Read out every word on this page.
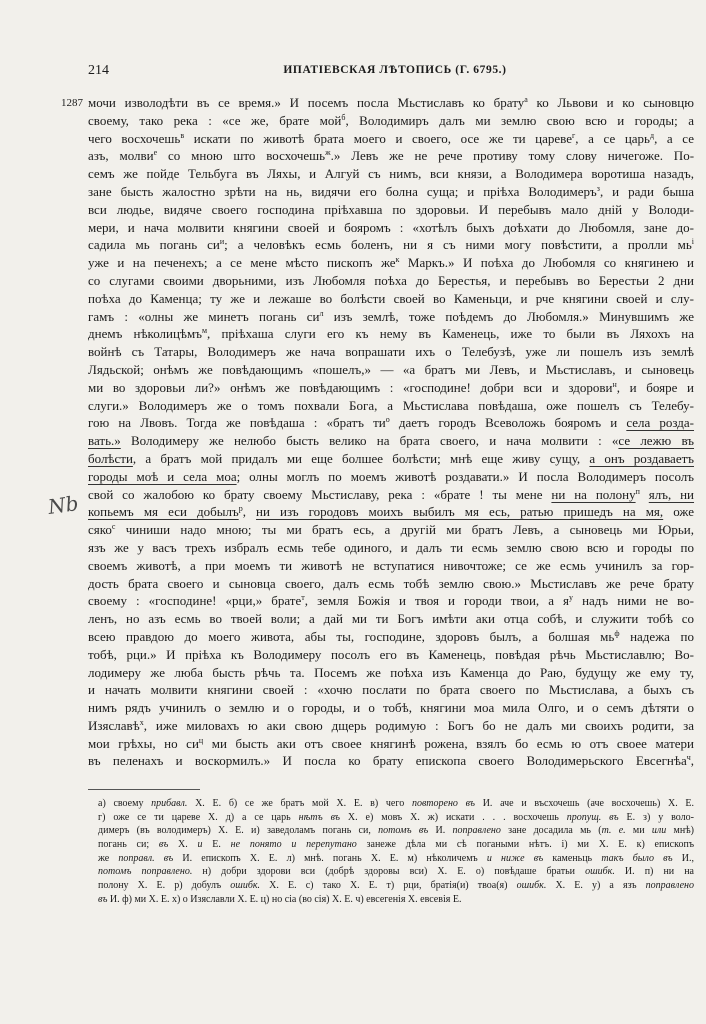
214	ИПАТІЕВСКАЯ ЛѢТОПИСЬ (Г. 6795.)
1287
Nb
мочи изволодѣти въ се время.» И посемъ посла Мьстиславъ ко брату$^а$ ко Львови и ко сыновцю
своему, тако река : «се же, брате мой$^б$, Володимиръ далъ ми землю свою всю и городы; а
чего восхочешь$^в$ искати по животѣ брата моего и своего, осе же ти цареве$^г$, а се царь$^д$, а се
азъ, молви$^е$ со мною што восхочешь$^ж$.» Левъ же не рече противу тому слову ничегоже. По-
семъ же пойде Тельбуга въ Ляхы, и Алгуй съ нимъ, вси князи, а Володимера воротиша назадъ,
зане бысть жалостно зрѣти на нь, видячи его болна суща; и пріѣха Володимеръ$^з$, и ради быша
вси людье, видяче своего господина пріѣхавша по здоровьи. И перебывъ мало дній у Володи-
мери, и нача молвити княгини своей и бояромъ : «хотѣлъ быхъ доѣхати до Любомля, зане до-
садила мь погань $си^и$; а человѣкъ есмь боленъ, ни я съ ними могу повѣстити, а пролли $мь^і$
уже и на печенехъ; а се мене мѣсто пископъ $же^к$ Маркъ.» И поѣха до Любомля со княгинею и
со слугами своими дворьними, изъ Любомля поѣха до Берестья, и перебывъ во Берестьи 2 дни
поѣха до Каменца; ту же и лежаше во болѣсти своей во Каменьци, и рче княгини своей и слу-
гамъ : «олны же минетъ погань $си^л$ изъ землѣ, тоже поѣдемъ до Любомля.» Минувшимъ же
днемъ нѣколицѣмъ$^м$, пріѣхаша слуги его къ нему въ Каменець, иже то были въ Ляхохъ на
войнѣ съ Татары, Володимеръ же нача вопрашати ихъ о Телебузѣ, уже ли пошелъ изъ землѣ
Лядьской; онѣмъ же повѣдающимъ «пошелъ,» — «а братъ ми Левъ, и Мьстиславъ, и сыновець
ми во здоровьи ли?» онѣмъ же повѣдающимъ : «господине! добри вси и здорови$^н$, и бояре и
слуги.» Володимеръ же о томъ похвали Бога, а Мьстислава повѣдаша, оже пошелъ съ Телебу-
гою на Лвовъ. Тогда же повѣдаша : «братъ $ти^о$ даетъ городъ Всеволожь бояромъ и села розда-
вать.» Володимеру же нелюбо бысть велико на брата своего, и нача молвити : «се лежю въ
болѣсти, а братъ мой придалъ ми еще болшее болѣсти; мнѣ еще живу сущу, а онъ роздаваетъ
городы моѣ и села моа; олны моглъ по моемъ животѣ роздавати.» И посла Володимеръ посолъ
свой со жалобою ко брату своему Мьстиславу, река : «брате ! ты мене ни на полону$^п$ ялъ, ни
копьемъ мя еси добылъ$^р$, ни изъ городовъ моихъ выбилъ мя есь, ратью пришедъ на мя, оже
сяко$^с$ чиниши надо мною; ты ми братъ есь, а другій ми братъ Левъ, а сыновець ми Юрьи,
язъ же у васъ трехъ избралъ есмь тебе одиного, и далъ ти есмь землю свою всю и городы по
своемъ животѣ, а при моемъ ти животѣ не вступатися нивочтоже; се же есмь учинилъ за гор-
дость брата своего и сыновца своего, далъ есмь тобѣ землю свою.» Мьстиславъ же рече брату
своему : «господине! «рци,» брате$^т$, земля Божія и твоя и городи твои, а $я^у$ надъ ними не во-
ленъ, но азъ есмь во твоей воли; а дай ми ти Богъ имѣти аки отца собѣ, и служити тобѣ со
всею правдою до моего живота, абы ты, господине, здоровъ былъ, а болшая $мь^ф$ надежа по
тобѣ, рци.» И пріѣха къ Володимеру посолъ его въ Каменець, повѣдая рѣчь Мьстиславлю; Во-
лодимеру же люба бысть рѣчь та. Посемъ же поѣха изъ Каменца до Раю, будущу же ему ту,
и начать молвити княгини своей : «хочю послати по брата своего по Мьстислава, а быхъ съ
нимъ рядъ учинилъ о землю и о городы, и о тобѣ, княгини моа мила Олго, и о семъ дѣтяти о
Изяславѣ$^х$, иже миловахъ ю аки свою дщерь родимую : Богъ бо не далъ ми своихъ родити, за
мои грѣхы, но $си^ц$ ми бысть аки отъ своее княгинѣ рожена, взялъ бо есмь ю отъ своее матери
въ пеленахъ и воскормилъ.» И посла ко брату епископа своего Володимерьского Евсегнѣа$^ч$,
а) своему прибавл. Х. Е. б) се же братъ мой Х. Е. в) чего повторено въ И. аче и въсхочешь (аче восхочешь) Х. Е.
г) оже се ти цареве Х. д) а се царь нѣтъ въ Х. е) мовъ Х. ж) искати . . . восхочешь пропущ. въ Е. з) у воло-
димеръ (въ володимеръ) Х. Е. и) заведоламъ погань си, потомъ въ И. поправлено зане досадила мь (т. е. ми или мнѣ)
погань си; въ Х. и Е. не понято и перепутано занеже дѣла ми сѣ погаными нѣтъ. і) ми Х. Е. к) епископъ
же поправл. въ И. епископъ Х. Е. л) мнѣ. погань Х. Е. м) нѣколичемъ и ниже въ каменьць такъ было въ И.,
потомъ поправлено. н) добри здорови вси (добрѣ здоровы вси) Х. Е. о) повѣдаше братьи ошибк. И. п) ни на
полону Х. Е. р) добулъ ошибк. Х. Е. с) тако Х. Е. т) рци, братія(и) твоа(я) ошибк. Х. Е. у) а язъ поправлено
въ И. ф) ми Х. Е. х) о Изяславли Х. Е. ц) но сіа (во сія) Х. Е. ч) евсегенія Х. евсевія Е.
